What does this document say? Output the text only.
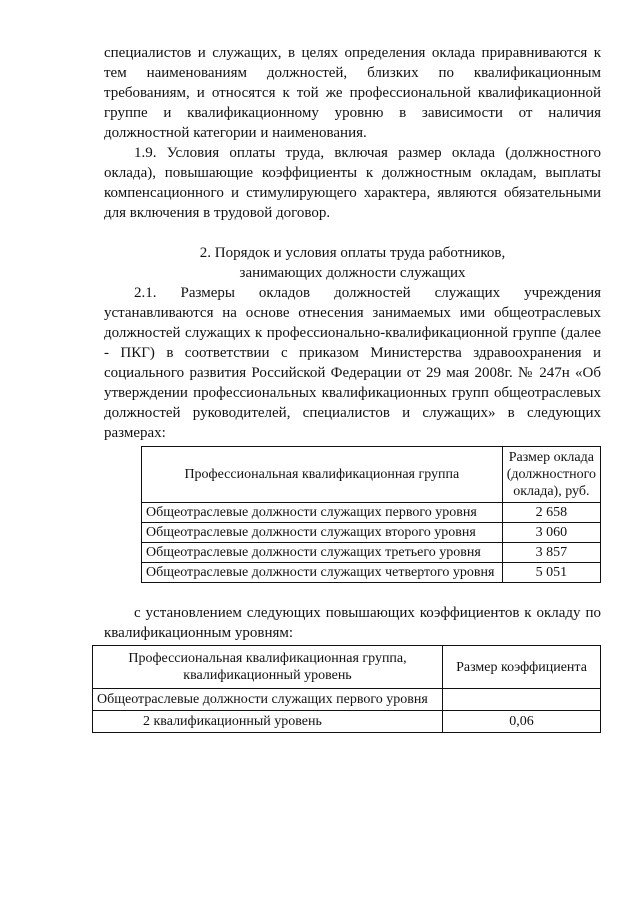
специалистов и служащих, в целях определения оклада приравниваются к тем наименованиям должностей, близких по квалификационным требованиям, и относятся к той же профессиональной квалификационной группе и квалификационному уровню в зависимости от наличия должностной категории и наименования.

1.9. Условия оплаты труда, включая размер оклада (должностного оклада), повышающие коэффициенты к должностным окладам, выплаты компенсационного и стимулирующего характера, являются обязательными для включения в трудовой договор.

2. Порядок и условия оплаты труда работников,

занимающих должности служащих

2.1. Размеры окладов должностей служащих учреждения устанавливаются на основе отнесения занимаемых ими общеотраслевых должностей служащих к профессионально-квалификационной группе (далее - ПКГ) в соответствии с приказом Министерства здравоохранения и социального развития Российской Федерации от 29 мая 2008г. № 247н «Об утверждении профессиональных квалификационных групп общеотраслевых должностей руководителей, специалистов и служащих» в следующих размерах:

Профессиональная квалификационная группа	Размер оклада (должностного оклада), руб.
Общеотраслевые должности служащих первого уровня	2 658
Общеотраслевые должности служащих второго уровня	3 060
Общеотраслевые должности служащих третьего уровня	3 857
Общеотраслевые должности служащих четвертого уровня	5 051

с установлением следующих повышающих коэффициентов к окладу по квалификационным уровням:

Профессиональная квалификационная группа, квалификационный уровень	Размер коэффициента
Общеотраслевые должности служащих первого уровня	
2 квалификационный уровень	0,06
